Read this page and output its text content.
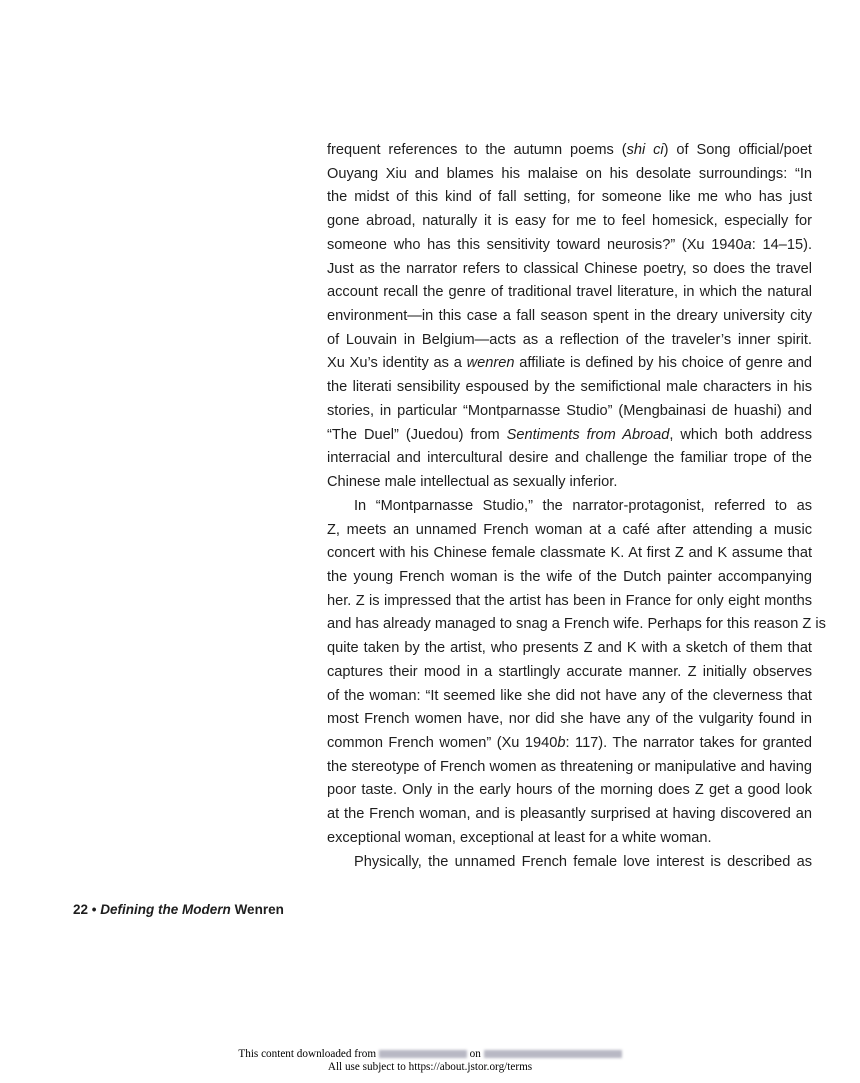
frequent references to the autumn poems (shi ci) of Song official/poet
Ouyang Xiu and blames his malaise on his desolate surroundings: “In
the midst of this kind of fall setting, for someone like me who has just
gone abroad, naturally it is easy for me to feel homesick, especially for
someone who has this sensitivity toward neurosis?” (Xu 1940a: 14–15).
Just as the narrator refers to classical Chinese poetry, so does the travel
account recall the genre of traditional travel literature, in which the natural
environment—in this case a fall season spent in the dreary university city
of Louvain in Belgium—acts as a reflection of the traveler’s inner spirit.
Xu Xu’s identity as a wenren affiliate is defined by his choice of genre and
the literati sensibility espoused by the semifictional male characters in his
stories, in particular “Montparnasse Studio” (Mengbainasi de huashi) and
“The Duel” (Juedou) from Sentiments from Abroad, which both address
interracial and intercultural desire and challenge the familiar trope of the
Chinese male intellectual as sexually inferior.
In “Montparnasse Studio,” the narrator-protagonist, referred to as
Z, meets an unnamed French woman at a café after attending a music
concert with his Chinese female classmate K. At first Z and K assume that
the young French woman is the wife of the Dutch painter accompanying
her. Z is impressed that the artist has been in France for only eight months
and has already managed to snag a French wife. Perhaps for this reason Z is
quite taken by the artist, who presents Z and K with a sketch of them that
captures their mood in a startlingly accurate manner. Z initially observes
of the woman: “It seemed like she did not have any of the cleverness that
most French women have, nor did she have any of the vulgarity found in
common French women” (Xu 1940b: 117). The narrator takes for granted
the stereotype of French women as threatening or manipulative and having
poor taste. Only in the early hours of the morning does Z get a good look
at the French woman, and is pleasantly surprised at having discovered an
exceptional woman, exceptional at least for a white woman.
Physically, the unnamed French female love interest is described as
22 • Defining the Modern Wenren
This content downloaded from	on
All use subject to https://about.jstor.org/terms
